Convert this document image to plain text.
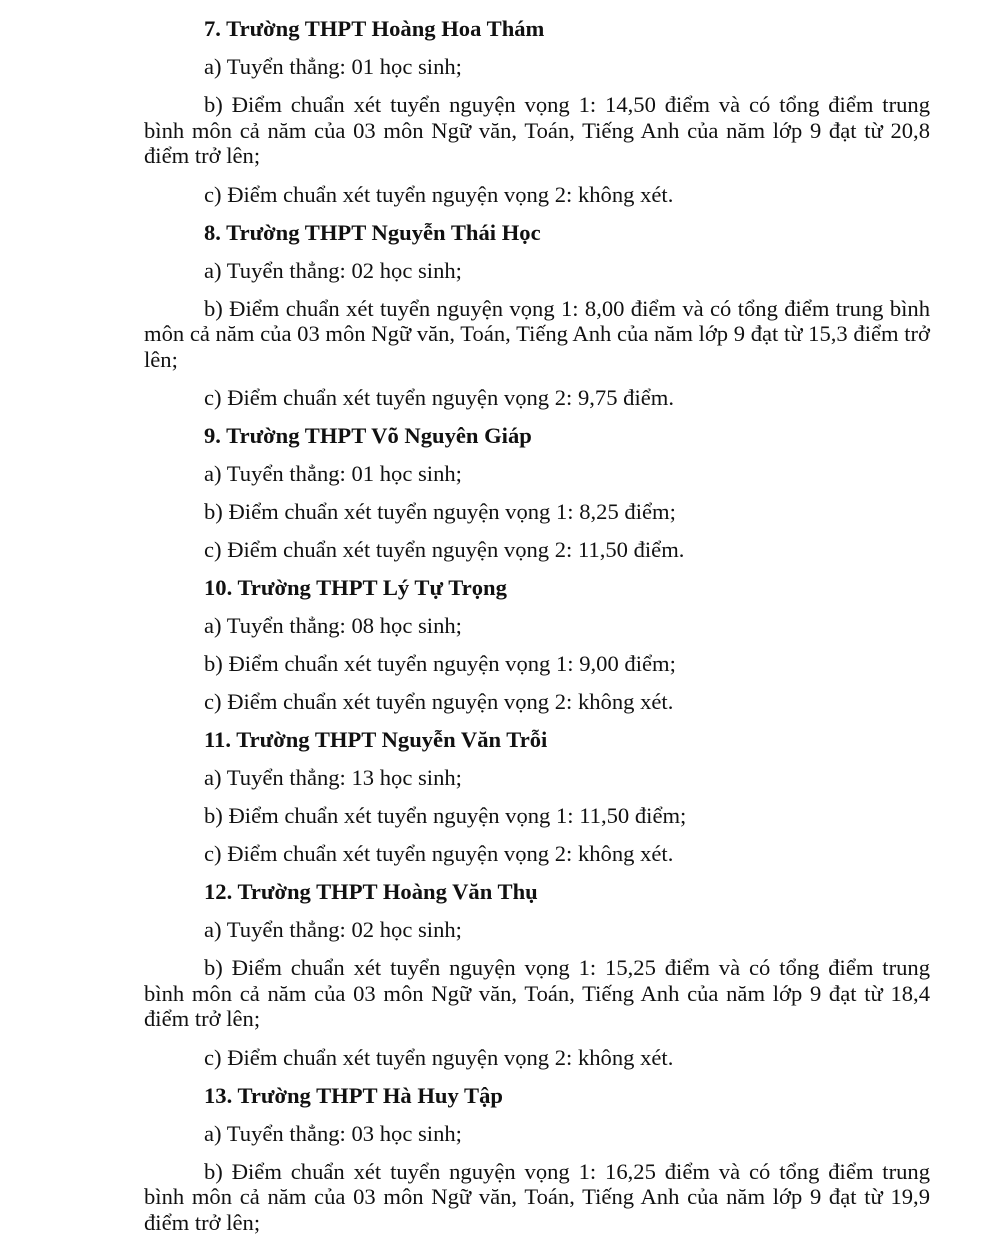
7. Trường THPT Hoàng Hoa Thám

a) Tuyển thẳng: 01 học sinh;

b) Điểm chuẩn xét tuyển nguyện vọng 1: 14,50 điểm và có tổng điểm trung bình môn cả năm của 03 môn Ngữ văn, Toán, Tiếng Anh của năm lớp 9 đạt từ 20,8 điểm trở lên;

c) Điểm chuẩn xét tuyển nguyện vọng 2: không xét.

8. Trường THPT Nguyễn Thái Học

a) Tuyển thẳng: 02 học sinh;

b) Điểm chuẩn xét tuyển nguyện vọng 1: 8,00 điểm và có tổng điểm trung bình môn cả năm của 03 môn Ngữ văn, Toán, Tiếng Anh của năm lớp 9 đạt từ 15,3 điểm trở lên;

c) Điểm chuẩn xét tuyển nguyện vọng 2: 9,75 điểm.

9. Trường THPT Võ Nguyên Giáp

a) Tuyển thẳng: 01 học sinh;

b) Điểm chuẩn xét tuyển nguyện vọng 1: 8,25 điểm;

c) Điểm chuẩn xét tuyển nguyện vọng 2: 11,50 điểm.

10. Trường THPT Lý Tự Trọng

a) Tuyển thẳng: 08 học sinh;

b) Điểm chuẩn xét tuyển nguyện vọng 1: 9,00 điểm;

c) Điểm chuẩn xét tuyển nguyện vọng 2: không xét.

11. Trường THPT Nguyễn Văn Trỗi

a) Tuyển thẳng: 13 học sinh;

b) Điểm chuẩn xét tuyển nguyện vọng 1: 11,50 điểm;

c) Điểm chuẩn xét tuyển nguyện vọng 2: không xét.

12. Trường THPT Hoàng Văn Thụ

a) Tuyển thẳng: 02 học sinh;

b) Điểm chuẩn xét tuyển nguyện vọng 1: 15,25 điểm và có tổng điểm trung bình môn cả năm của 03 môn Ngữ văn, Toán, Tiếng Anh của năm lớp 9 đạt từ 18,4 điểm trở lên;

c) Điểm chuẩn xét tuyển nguyện vọng 2: không xét.

13. Trường THPT Hà Huy Tập

a) Tuyển thẳng: 03 học sinh;

b) Điểm chuẩn xét tuyển nguyện vọng 1: 16,25 điểm và có tổng điểm trung bình môn cả năm của 03 môn Ngữ văn, Toán, Tiếng Anh của năm lớp 9 đạt từ 19,9 điểm trở lên;
